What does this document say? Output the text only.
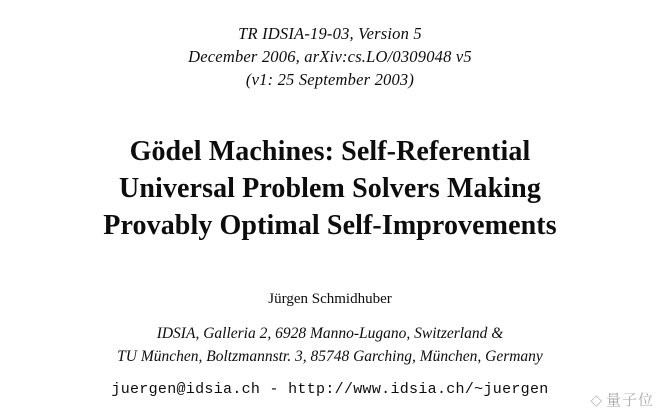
TR IDSIA-19-03, Version 5
December 2006, arXiv:cs.LO/0309048 v5
(v1: 25 September 2003)
Gödel Machines: Self-Referential
Universal Problem Solvers Making
Provably Optimal Self-Improvements
Jürgen Schmidhuber
IDSIA, Galleria 2, 6928 Manno-Lugano, Switzerland &
TU München, Boltzmannstr. 3, 85748 Garching, München, Germany
juergen@idsia.ch - http://www.idsia.ch/~juergen
◇ 量子位
